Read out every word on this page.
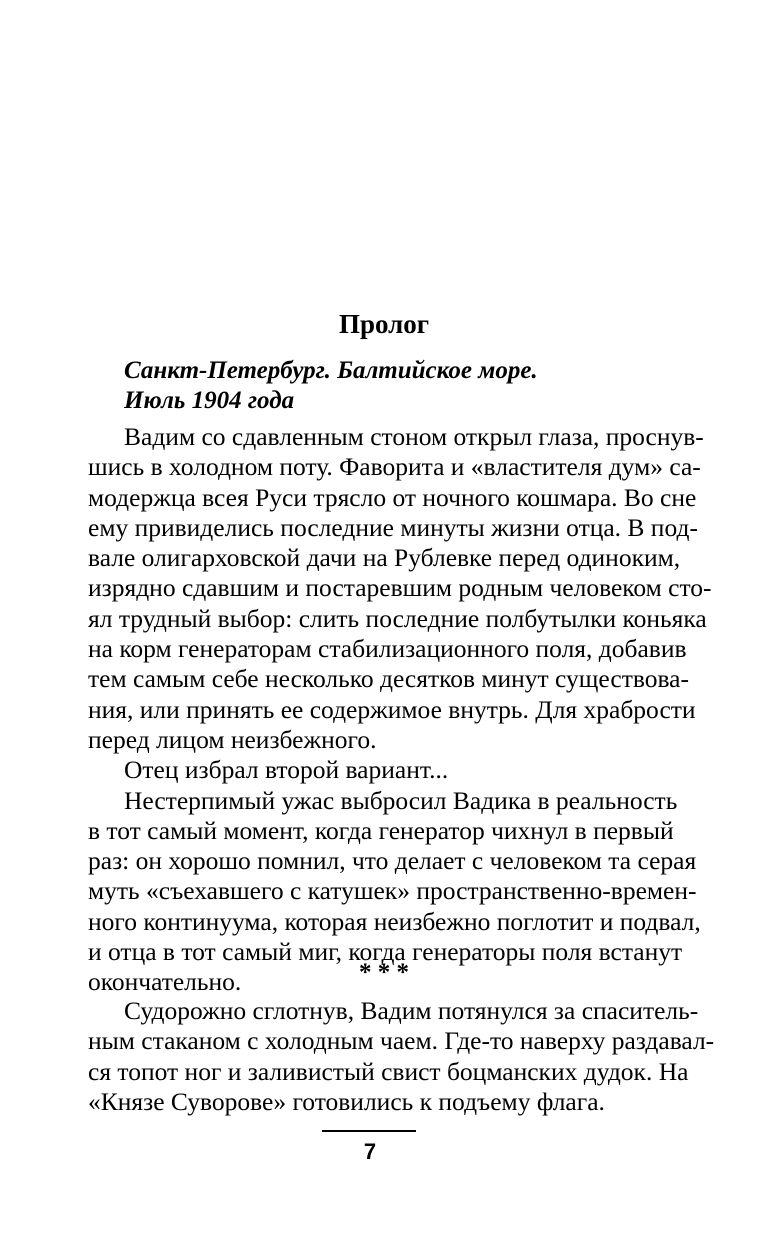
Пролог
Санкт-Петербург. Балтийское море.
Июль 1904 года
Вадим со сдавленным стоном открыл глаза, проснув-
шись в холодном поту. Фаворита и «властителя дум» са-
модержца всея Руси трясло от ночного кошмара. Во сне
ему привиделись последние минуты жизни отца. В под-
вале олигарховской дачи на Рублевке перед одиноким,
изрядно сдавшим и постаревшим родным человеком сто-
ял трудный выбор: слить последние полбутылки коньяка
на корм генераторам стабилизационного поля, добавив
тем самым себе несколько десятков минут существова-
ния, или принять ее содержимое внутрь. Для храбрости
перед лицом неизбежного.
Отец избрал второй вариант...
Нестерпимый ужас выбросил Вадика в реальность
в тот самый момент, когда генератор чихнул в первый
раз: он хорошо помнил, что делает с человеком та серая
муть «съехавшего с катушек» пространственно-времен-
ного континуума, которая неизбежно поглотит и подвал,
и отца в тот самый миг, когда генераторы поля встанут
окончательно.	* * *
Судорожно сглотнув, Вадим потянулся за спаситель-
ным стаканом с холодным чаем. Где-то наверху раздавал-
ся топот ног и заливистый свист боцманских дудок. На
«Князе Суворове» готовились к подъему флага.
7
